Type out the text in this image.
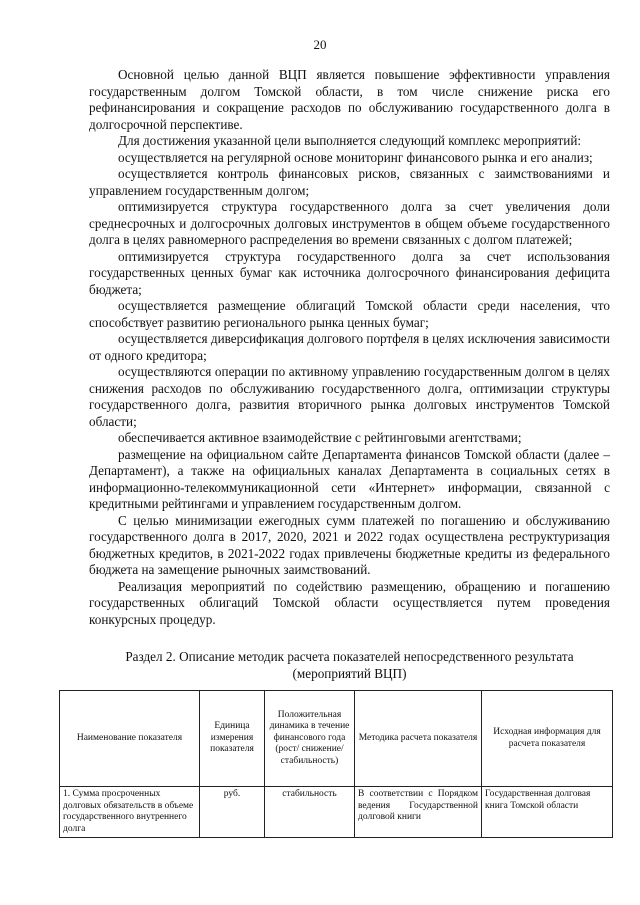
20

Основной целью данной ВЦП является повышение эффективности управления государственным долгом Томской области, в том числе снижение риска его рефинансирования и сокращение расходов по обслуживанию государственного долга в долгосрочной перспективе.

Для достижения указанной цели выполняется следующий комплекс мероприятий:

осуществляется на регулярной основе мониторинг финансового рынка и его анализ;

осуществляется контроль финансовых рисков, связанных с заимствованиями и управлением государственным долгом;

оптимизируется структура государственного долга за счет увеличения доли среднесрочных и долгосрочных долговых инструментов в общем объеме государственного долга в целях равномерного распределения во времени связанных с долгом платежей;

оптимизируется структура государственного долга за счет использования государственных ценных бумаг как источника долгосрочного финансирования дефицита бюджета;

осуществляется размещение облигаций Томской области среди населения, что способствует развитию регионального рынка ценных бумаг;

осуществляется диверсификация долгового портфеля в целях исключения зависимости от одного кредитора;

осуществляются операции по активному управлению государственным долгом в целях снижения расходов по обслуживанию государственного долга, оптимизации структуры государственного долга, развития вторичного рынка долговых инструментов Томской области;

обеспечивается активное взаимодействие с рейтинговыми агентствами;

размещение на официальном сайте Департамента финансов Томской области (далее – Департамент), а также на официальных каналах Департамента в социальных сетях в информационно-телекоммуникационной сети «Интернет» информации, связанной с кредитными рейтингами и управлением государственным долгом.

С целью минимизации ежегодных сумм платежей по погашению и обслуживанию государственного долга в 2017, 2020, 2021 и 2022 годах осуществлена реструктуризация бюджетных кредитов, в 2021-2022 годах привлечены бюджетные кредиты из федерального бюджета на замещение рыночных заимствований.

Реализация мероприятий по содействию размещению, обращению и погашению государственных облигаций Томской области осуществляется путем проведения конкурсных процедур.

Раздел 2. Описание методик расчета показателей непосредственного результата
(мероприятий ВЦП)
Наименование показателя	Единица измерения показателя	Положительная динамика в течение финансового года (рост/ снижение/ стабильность)	Методика расчета показателя	Исходная информация для расчета показателя
1. Сумма просроченных долговых обязательств в объеме государственного внутреннего долга	руб.	стабильность	В соответствии с Порядком ведения Государственной долговой книги	Государственная долговая книга Томской области
